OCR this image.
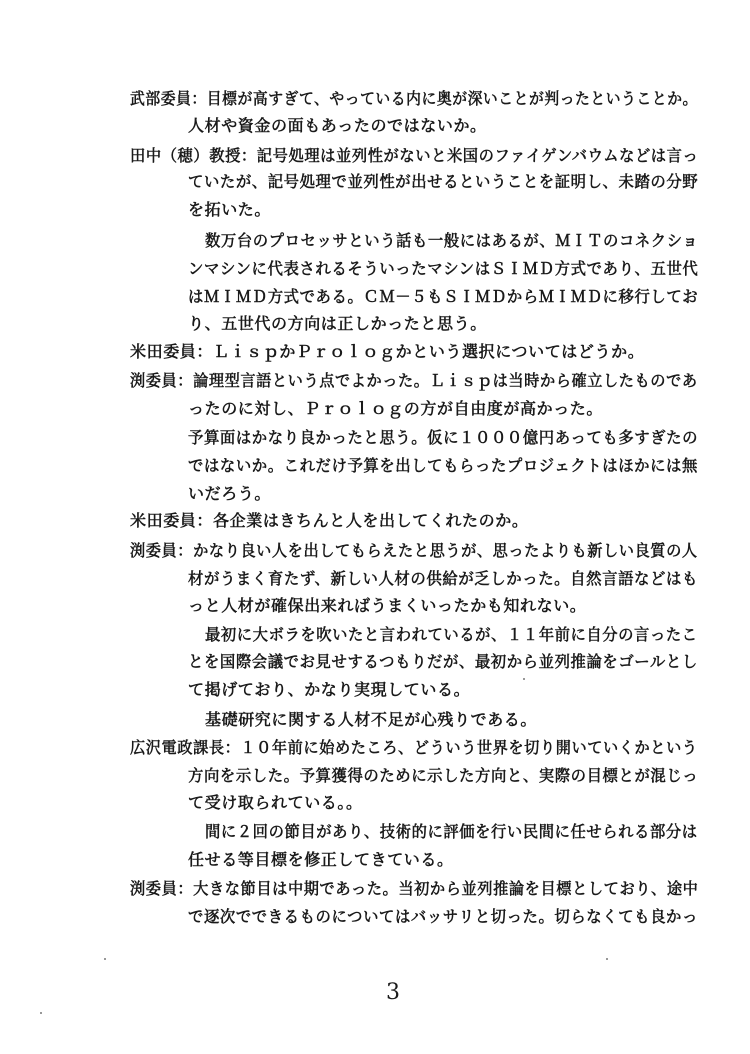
武部委員：目標が高すぎて、やっている内に奥が深いことが判ったということか。
人材や資金の面もあったのではないか。
田中（穂）教授：記号処理は並列性がないと米国のファイゲンバウムなどは言っ
ていたが、記号処理で並列性が出せるということを証明し、未踏の分野
を拓いた。
数万台のプロセッサという話も一般にはあるが、ＭＩＴのコネクショ
ンマシンに代表されるそういったマシンはＳＩＭＤ方式であり、五世代
はＭＩＭＤ方式である。ＣＭ－５もＳＩＭＤからＭＩＭＤに移行してお
り、五世代の方向は正しかったと思う。
米田委員：ＬｉｓｐかＰｒｏｌｏｇかという選択についてはどうか。
渕委員：論理型言語という点でよかった。Ｌｉｓｐは当時から確立したものであ
ったのに対し、Ｐｒｏｌｏｇの方が自由度が高かった。
予算面はかなり良かったと思う。仮に１０００億円あっても多すぎたの
ではないか。これだけ予算を出してもらったプロジェクトはほかには無
いだろう。
米田委員：各企業はきちんと人を出してくれたのか。
渕委員：かなり良い人を出してもらえたと思うが、思ったよりも新しい良質の人
材がうまく育たず、新しい人材の供給が乏しかった。自然言語などはも
っと人材が確保出来ればうまくいったかも知れない。
最初に大ボラを吹いたと言われているが、１１年前に自分の言ったこ
とを国際会議でお見せするつもりだが、最初から並列推論をゴールとし
て掲げており、かなり実現している。
基礎研究に関する人材不足が心残りである。
広沢電政課長：１０年前に始めたころ、どういう世界を切り開いていくかという
方向を示した。予算獲得のために示した方向と、実際の目標とが混じっ
て受け取られている。。
間に２回の節目があり、技術的に評価を行い民間に任せられる部分は
任せる等目標を修正してきている。
渕委員：大きな節目は中期であった。当初から並列推論を目標としており、途中
で逐次でできるものについてはバッサリと切った。切らなくても良かっ
3
